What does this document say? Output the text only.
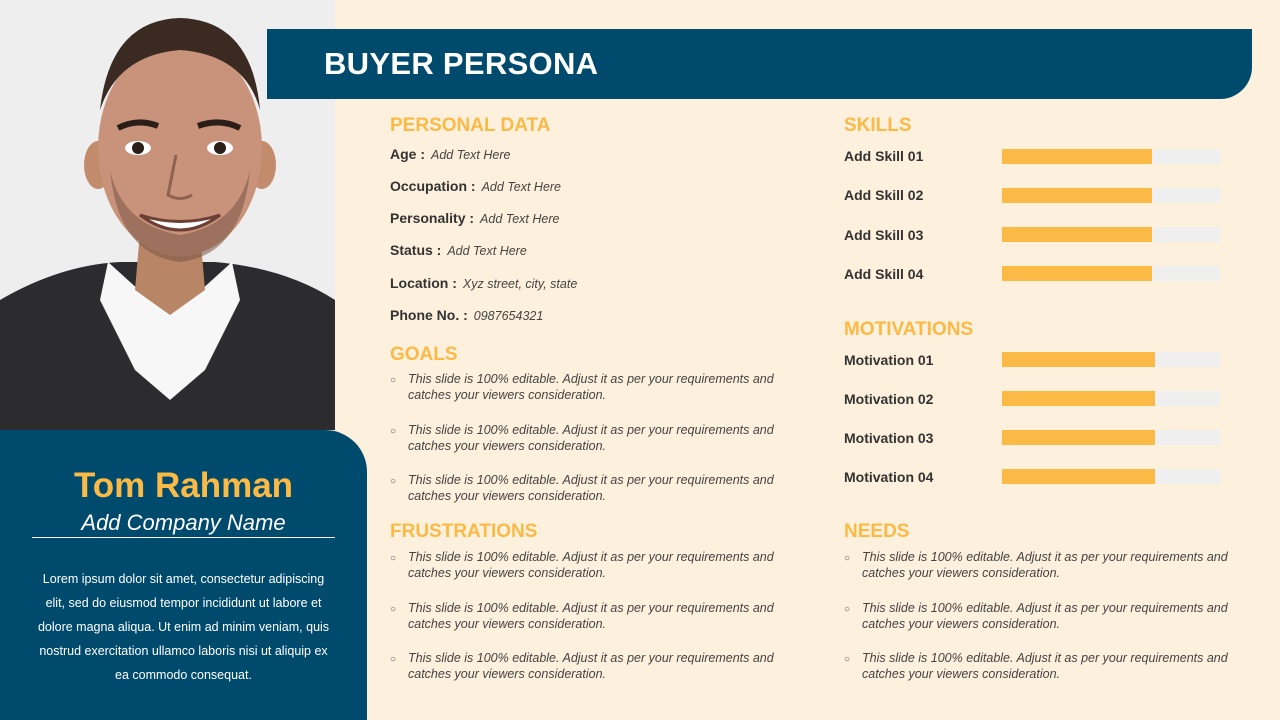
Tom Rahman
Add Company Name
Lorem ipsum dolor sit amet, consectetur adipiscing elit, sed do eiusmod tempor incididunt ut labore et dolore magna aliqua. Ut enim ad minim veniam, quis nostrud exercitation ullamco laboris nisi ut aliquip ex ea commodo consequat.
BUYER PERSONA
PERSONAL DATA
Age : Add Text Here
Occupation : Add Text Here
Personality : Add Text Here
Status : Add Text Here
Location : Xyz street, city, state
Phone No. : 0987654321
GOALS
○ This slide is 100% editable. Adjust it as per your requirements and catches your viewers consideration.
○ This slide is 100% editable. Adjust it as per your requirements and catches your viewers consideration.
○ This slide is 100% editable. Adjust it as per your requirements and catches your viewers consideration.
FRUSTRATIONS
○ This slide is 100% editable. Adjust it as per your requirements and catches your viewers consideration.
○ This slide is 100% editable. Adjust it as per your requirements and catches your viewers consideration.
○ This slide is 100% editable. Adjust it as per your requirements and catches your viewers consideration.
SKILLS
Add Skill 01
Add Skill 02
Add Skill 03
Add Skill 04
MOTIVATIONS
Motivation 01
Motivation 02
Motivation 03
Motivation 04
NEEDS
○ This slide is 100% editable. Adjust it as per your requirements and catches your viewers consideration.
○ This slide is 100% editable. Adjust it as per your requirements and catches your viewers consideration.
○ This slide is 100% editable. Adjust it as per your requirements and catches your viewers consideration.
